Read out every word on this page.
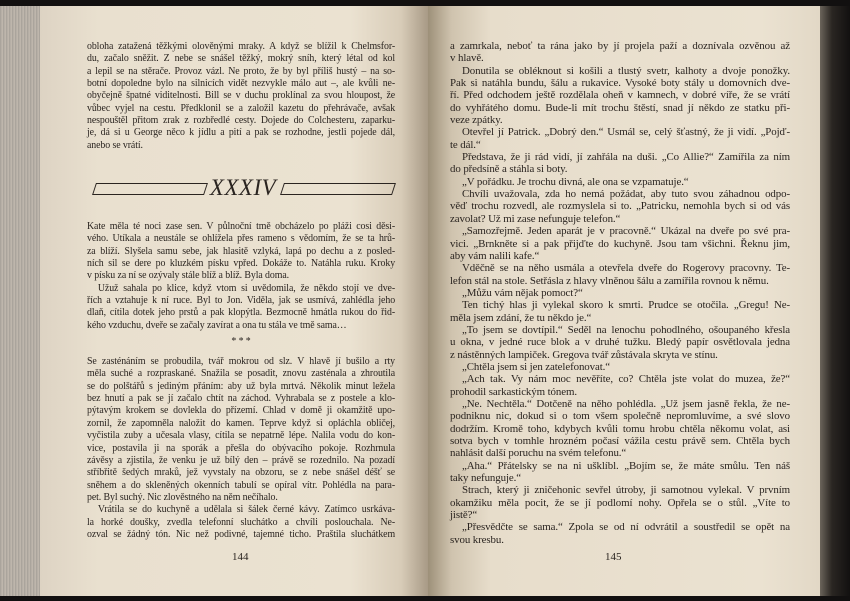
obloha zatažená těžkými olověnými mraky. A když se blížil k Chelmsfor-
du, začalo sněžit. Z nebe se snášel těžký, mokrý sníh, který létal od kol
a lepil se na stěrače. Provoz vázl. Ne proto, že by byl příliš hustý – na so-
botní dopoledne bylo na silnicích vidět nezvykle málo aut –, ale kvůli ne-
obyčejně špatné viditelnosti. Bill se v duchu proklínal za svou hloupost, že
vůbec vyjel na cestu. Předklonil se a založil kazetu do přehrávače, avšak
nespouštěl přitom zrak z rozbředlé cesty. Dojede do Colchesteru, zaparku-
je, dá si u George něco k jídlu a pití a pak se rozhodne, jestli pojede dál,
anebo se vrátí.
XXXIV
Kate měla té noci zase sen. V půlnoční tmě obcházelo po pláži cosi děsi-
vého. Utíkala a neustále se ohlížela přes rameno s vědomím, že se ta hrů-
za blíží. Slyšela samu sebe, jak hlasitě vzlyká, lapá po dechu a z posled-
ních sil se dere po kluzkém písku vpřed. Dokáže to. Natáhla ruku. Kroky
v písku za ní se ozývaly stále blíž a blíž. Byla doma.
Užuž sahala po klice, když vtom si uvědomila, že někdo stojí ve dve-
řích a vztahuje k ní ruce. Byl to Jon. Viděla, jak se usmívá, zahlédla jeho
dlaň, cítila dotek jeho prstů a pak klopýtla. Bezmocně hmátla rukou do řid-
kého vzduchu, dveře se začaly zavírat a ona tu stála ve tmě sama…
* * *
Se zasténáním se probudila, tvář mokrou od slz. V hlavě jí bušilo a rty
měla suché a rozpraskané. Snažila se posadit, znovu zasténala a zhroutila
se do polštářů s jediným přáním: aby už byla mrtvá. Několik minut ležela
bez hnutí a pak se jí začalo chtít na záchod. Vyhrabala se z postele a klo-
pýtavým krokem se dovlekla do přízemí. Chlad v domě ji okamžitě upo-
zornil, že zapomněla naložit do kamen. Teprve když si opláchla obličej,
vyčistila zuby a učesala vlasy, cítila se nepatrně lépe. Nalila vodu do kon-
vice, postavila ji na sporák a přešla do obývacího pokoje. Rozhrnula
závěsy a zjistila, že venku je už bílý den – právě se rozednilo. Na pozadí
stříbřitě šedých mraků, jež vyvstaly na obzoru, se z nebe snášel déšť se
sněhem a do skleněných okenních tabulí se opíral vítr. Pohlédla na para-
pet. Byl suchý. Nic zlověstného na něm nečíhalo.
Vrátila se do kuchyně a udělala si šálek černé kávy. Zatímco usrkáva-
la horké doušky, zvedla telefonní sluchátko a chvíli poslouchala. Ne-
ozval se žádný tón. Nic než podivné, tajemné ticho. Praštila sluchátkem
144
a zamrkala, neboť ta rána jako by jí projela paží a doznívala ozvěnou až
v hlavě.
Donutila se obléknout si košili a tlustý svetr, kalhoty a dvoje ponožky.
Pak si natáhla bundu, šálu a rukavice. Vysoké boty stály u domovních dve-
ří. Před odchodem ještě rozdělala oheň v kamnech, v dobré víře, že se vrátí
do vyhřátého domu. Bude-li mít trochu štěstí, snad jí někdo ze statku při-
veze zpátky.
Otevřel jí Patrick. „Dobrý den.“ Usmál se, celý šťastný, že ji vidí. „Pojď-
te dál.“
Představa, že ji rád vidí, jí zahřála na duši. „Co Allie?“ Zamířila za ním
do předsíně a stáhla si boty.
„V pořádku. Je trochu divná, ale ona se vzpamatuje.“
Chvíli uvažovala, zda ho nemá požádat, aby tuto svou záhadnou odpo-
věď trochu rozvedl, ale rozmyslela si to. „Patricku, nemohla bych si od vás
zavolat? Už mi zase nefunguje telefon.“
„Samozřejmě. Jeden aparát je v pracovně.“ Ukázal na dveře po své pra-
vici. „Brnkněte si a pak přijďte do kuchyně. Jsou tam všichni. Řeknu jim,
aby vám nalili kafe.“
Vděčně se na něho usmála a otevřela dveře do Rogerovy pracovny. Te-
lefon stál na stole. Setřásla z hlavy vlněnou šálu a zamířila rovnou k němu.
„Můžu vám nějak pomoct?“
Ten tichý hlas ji vylekal skoro k smrti. Prudce se otočila. „Gregu! Ne-
měla jsem zdání, že tu někdo je.“
„To jsem se dovtípil.“ Seděl na lenochu pohodlného, ošoupaného křesla
u okna, v jedné ruce blok a v druhé tužku. Bledý papír osvětlovala jedna
z nástěnných lampiček. Gregova tvář zůstávala skryta ve stínu.
„Chtěla jsem si jen zatelefonovat.“
„Ach tak. Vy nám moc nevěříte, co? Chtěla jste volat do muzea, že?“
prohodil sarkastickým tónem.
„Ne. Nechtěla.“ Dotčeně na něho pohlédla. „Už jsem jasně řekla, že ne-
podniknu nic, dokud si o tom všem společně nepromluvíme, a své slovo
dodržím. Kromě toho, kdybych kvůli tomu hrobu chtěla někomu volat, asi
sotva bych v tomhle hrozném počasí vážila cestu právě sem. Chtěla bych
nahlásit další poruchu na svém telefonu.“
„Aha.“ Přátelsky se na ni ušklíbl. „Bojím se, že máte smůlu. Ten náš
taky nefunguje.“
Strach, který ji zničehonic sevřel útroby, ji samotnou vylekal. V prvním
okamžiku měla pocit, že se jí podlomí nohy. Opřela se o stůl. „Víte to
jistě?“
„Přesvědčte se sama.“ Zpola se od ní odvrátil a soustředil se opět na
svou kresbu.
145
